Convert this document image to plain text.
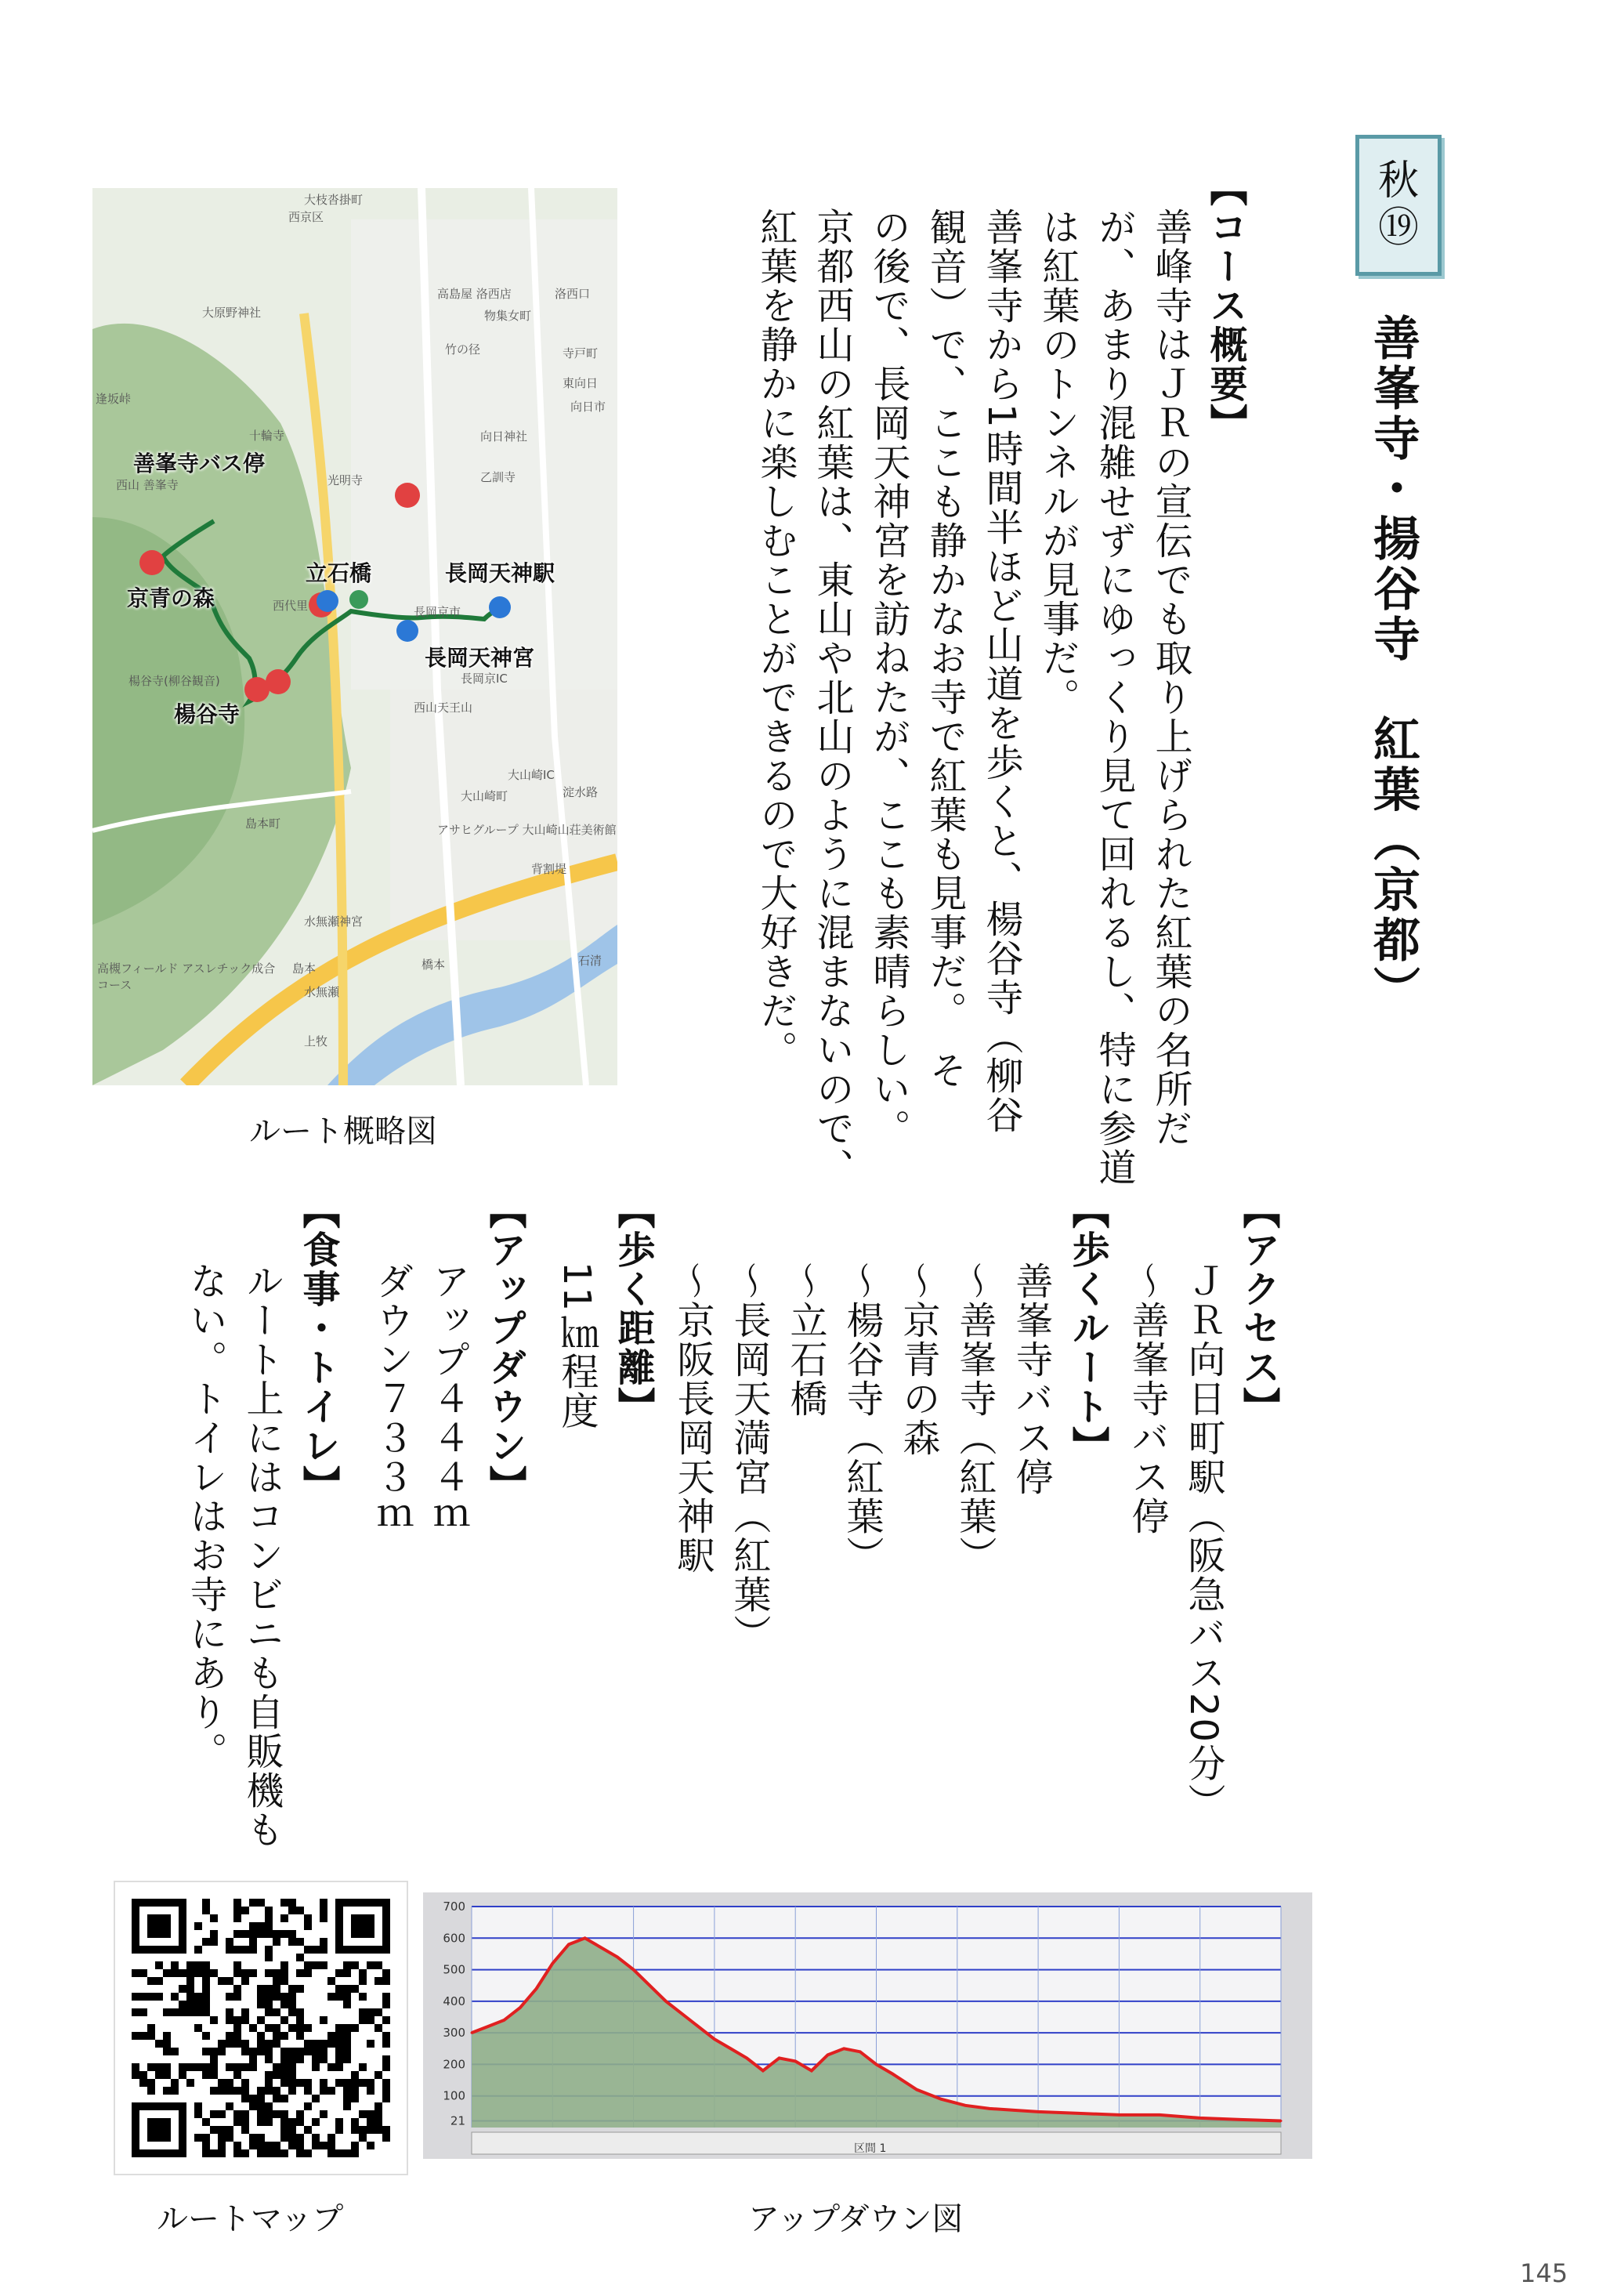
秋
⑲
善峯寺・揚谷寺　紅葉（京都）
【コース概要】
善峰寺はＪＲの宣伝でも取り上げられた紅葉の名所だ
が、あまり混雑せずにゆっくり見て回れるし、特に参道
は紅葉のトンネルが見事だ。
善峯寺から1時間半ほど山道を歩くと、楊谷寺（柳谷
観音）で、ここも静かなお寺で紅葉も見事だ。　そ
の後で、長岡天神宮を訪ねたが、ここも素晴らしい。
京都西山の紅葉は、東山や北山のように混まないので、
紅葉を静かに楽しむことができるので大好きだ。
善峯寺バス停
京青の森
立石橋	長岡天神駅
長岡天神宮
楊谷寺
大枝沓掛町
西京区
大原野神社
逢坂峠
十輪寺
西山 善峯寺	光明寺	乙訓寺
向日神社
向日市
高島屋 洛西店	洛西口
物集女町
竹の径	寺戸町
東向日
西代里	長岡京市
長岡京IC
西山天王山
楊谷寺(柳谷観音)
島本町
大山崎町
大山崎IC
淀水路
アサヒグループ 大山崎山荘美術館
背割堤
水無瀬神宮
島本
水無瀬
高槻フィールド アスレチック成合コース
上牧
橋本	石清
ルート概略図
【アクセス】
ＪＲ向日町駅（阪急バス20分）
～善峯寺バス停
【歩くルート】
善峯寺バス停
～善峯寺（紅葉）
～京青の森
～楊谷寺（紅葉）
～立石橋
～長岡天満宮（紅葉）
～京阪長岡天神駅
【歩く距離】
11㎞程度
【アップダウン】
アップ４４４ｍ
ダウン７３３ｍ
【食事・トイレ】
ルート上にはコンビニも自販機も
ない。トイレはお寺にあり。
ルートマップ
700
600
500
400
300
200
100
21
区間 1
アップダウン図
145
